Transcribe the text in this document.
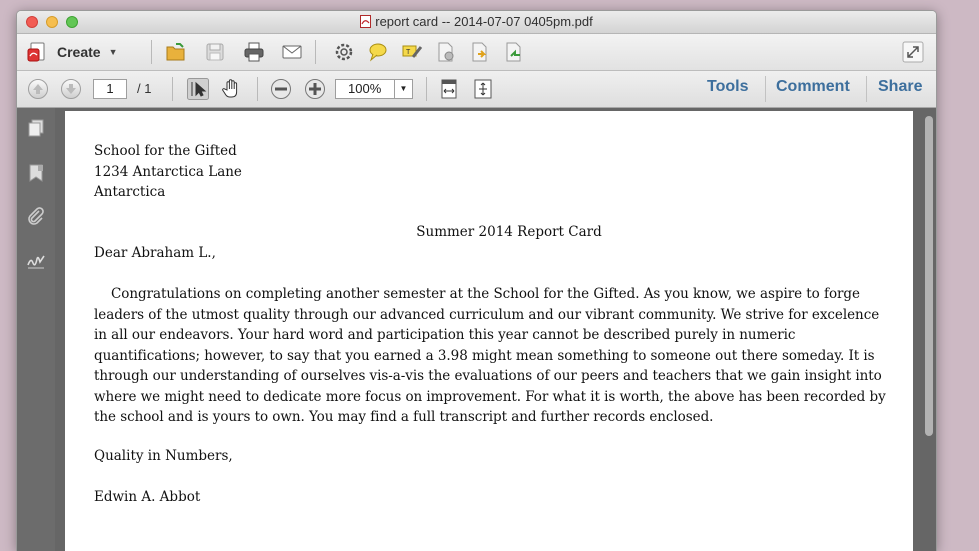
report card -- 2014-07-07 0405pm.pdf
Create ▼	T
1	/ 1	100%	▼	Tools Comment Share
School for the Gifted
1234 Antarctica Lane
Antarctica
Summer 2014 Report Card
Dear Abraham L.,
Congratulations on completing another semester at the School for the Gifted. As you know, we aspire to forge leaders of the utmost quality through our advanced curriculum and our vibrant community. We strive for excelence in all our endeavors. Your hard word and participation this year cannot be described purely in numeric quantifications; however, to say that you earned a 3.98 might mean something to someone out there someday. It is through our understanding of ourselves vis-a-vis the evaluations of our peers and teachers that we gain insight into where we might need to dedicate more focus on improvement. For what it is worth, the above has been recorded by the school and is yours to own. You may find a full transcript and further records enclosed.
Quality in Numbers,
Edwin A. Abbot
